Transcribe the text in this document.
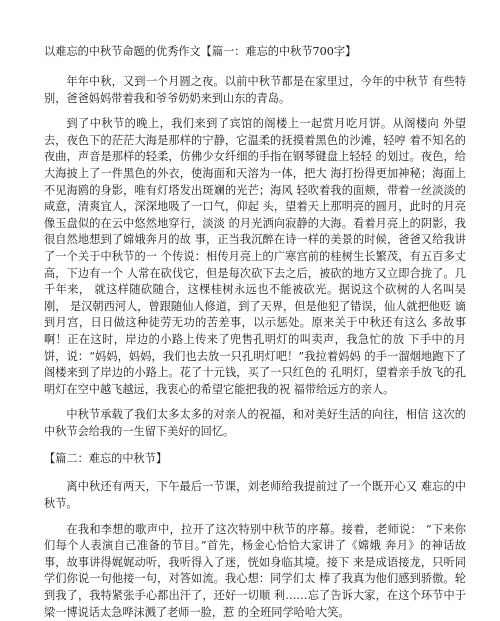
以难忘的中秋节命题的优秀作文【篇一：难忘的中秋节700字】

年年中秋，又到一个月圆之夜。以前中秋节都是在家里过，今年的中秋节 有些特别，爸爸妈妈带着我和爷爷奶奶来到山东的青岛。

到了中秋节的晚上，我们来到了宾馆的阁楼上一起赏月吃月饼。从阁楼向 外望去，夜色下的茫茫大海是那样的宁静，它温柔的抚摸着黑色的沙滩，轻哼 着不知名的夜曲，声音是那样的轻柔，仿佛少女纤细的手指在钢琴键盘上轻轻 的划过。夜色，给大海披上了一件黑色的外衣，使海面和天溶为一体，把大 海打扮得更加神秘；海面上不见海鸥的身影，唯有灯塔发出斑斓的光芒；海风 轻吹着我的面颊，带着一丝淡淡的咸意，清爽宜人，深深地吸了一口气，仰起 头，望着天上那明亮的圆月，此时的月亮像玉盘似的在云中悠然地穿行，淡淡 的月光洒向寂静的大海。看着月亮上的阴影，我很自然地想到了嫦娥奔月的故 事，正当我沉醉在诗一样的美景的时候，爸爸又给我讲了一个关于中秋节的一 个传说：相传月亮上的广寒宫前的桂树生长繁茂，有五百多丈高，下边有一个 人常在砍伐它，但是每次砍下去之后，被砍的地方又立即合拢了。几千年来， 就这样随砍随合，这棵桂树永远也不能被砍光。据说这个砍树的人名叫吴刚， 是汉朝西河人，曾跟随仙人修道，到了天界，但是他犯了错误，仙人就把他贬 谪到月宫，日日做这种徒劳无功的苦差事，以示惩处。原来关于中秋还有这么 多故事啊！正在这时，岸边的小路上传来了兜售孔明灯的叫卖声，我急忙的放 下手中的月饼，说：“妈妈，妈妈，我们也去放一只孔明灯吧！”我拉着妈妈 的手一溜烟地跑下了阁楼来到了岸边的小路上。花了十元钱，买了一只红色的 孔明灯，望着亲手放飞的孔明灯在空中越飞越远，我衷心的希望它能把我的祝 福带给远方的亲人。

中秋节承载了我们太多太多的对亲人的祝福，和对美好生活的向往，相信 这次的中秋节会给我的一生留下美好的回忆。

【篇二：难忘的中秋节】

离中秋还有两天，下午最后一节课，刘老师给我提前过了一个既开心又 难忘的中秋节。

在我和李想的歌声中，拉开了这次特别中秋节的序幕。接着，老师说： “下来你们每个人表演自己准备的节目。”首先，杨金心恰恰大家讲了《嫦娥 奔月》的神话故事，故事讲得娓娓动听，我听得入了迷，恍如身临其境。接下 来是成语接龙，只听同学们你说一句他接一句，对答如流。我心想：同学们太 棒了我真为他们感到骄傲。轮到我了，我特紧张手心都出汗了，还好一切顺 利……忘了告诉大家，在这个环节中于梁一博说话太急哗沫溅了老师一脸，惹 的全班同学哈哈大笑。
